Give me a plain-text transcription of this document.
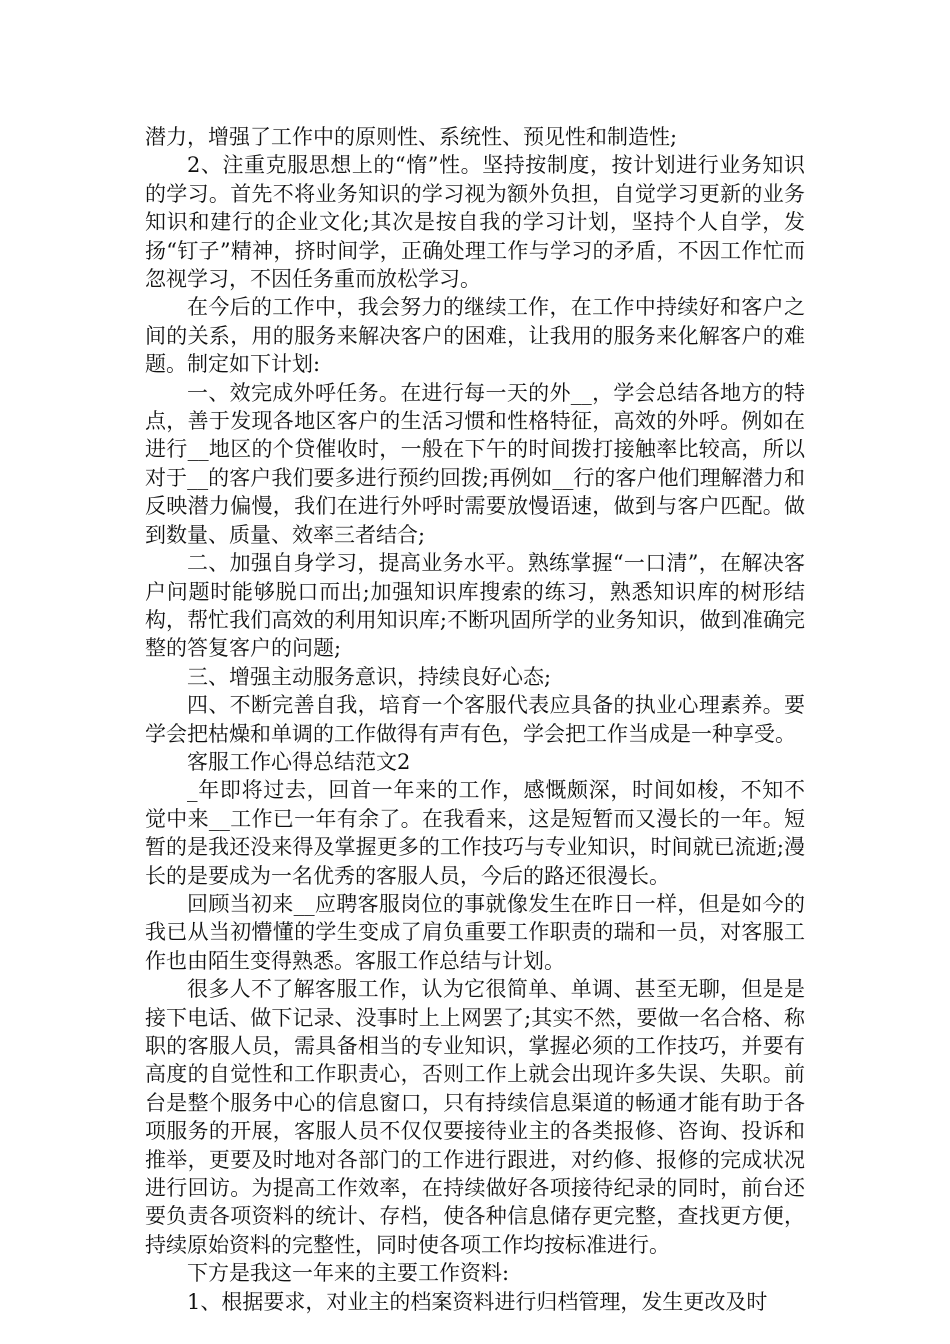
潜力，增强了工作中的原则性、系统性、预见性和制造性;

2、注重克服思想上的“惰”性。坚持按制度，按计划进行业务知识的学习。首先不将业务知识的学习视为额外负担，自觉学习更新的业务知识和建行的企业文化;其次是按自我的学习计划，坚持个人自学，发扬“钉子”精神，挤时间学，正确处理工作与学习的矛盾，不因工作忙而忽视学习，不因任务重而放松学习。

在今后的工作中，我会努力的继续工作，在工作中持续好和客户之间的关系，用的服务来解决客户的困难，让我用的服务来化解客户的难题。制定如下计划:

一、效完成外呼任务。在进行每一天的外__，学会总结各地方的特点，善于发现各地区客户的生活习惯和性格特征，高效的外呼。例如在进行__地区的个贷催收时，一般在下午的时间拨打接触率比较高，所以对于__的客户我们要多进行预约回拨;再例如__行的客户他们理解潜力和反映潜力偏慢，我们在进行外呼时需要放慢语速，做到与客户匹配。做到数量、质量、效率三者结合;

二、加强自身学习，提高业务水平。熟练掌握“一口清”，在解决客户问题时能够脱口而出;加强知识库搜索的练习，熟悉知识库的树形结构，帮忙我们高效的利用知识库;不断巩固所学的业务知识，做到准确完整的答复客户的问题;

三、增强主动服务意识，持续良好心态;

四、不断完善自我，培育一个客服代表应具备的执业心理素养。要学会把枯燥和单调的工作做得有声有色，学会把工作当成是一种享受。

客服工作心得总结范文2

_年即将过去，回首一年来的工作，感慨颇深，时间如梭，不知不觉中来__工作已一年有余了。在我看来，这是短暂而又漫长的一年。短暂的是我还没来得及掌握更多的工作技巧与专业知识，时间就已流逝;漫长的是要成为一名优秀的客服人员，今后的路还很漫长。

回顾当初来__应聘客服岗位的事就像发生在昨日一样，但是如今的我已从当初懵懂的学生变成了肩负重要工作职责的瑞和一员，对客服工作也由陌生变得熟悉。客服工作总结与计划。

很多人不了解客服工作，认为它很简单、单调、甚至无聊，但是是接下电话、做下记录、没事时上上网罢了;其实不然，要做一名合格、称职的客服人员，需具备相当的专业知识，掌握必须的工作技巧，并要有高度的自觉性和工作职责心，否则工作上就会出现许多失误、失职。前台是整个服务中心的信息窗口，只有持续信息渠道的畅通才能有助于各项服务的开展，客服人员不仅仅要接待业主的各类报修、咨询、投诉和推举，更要及时地对各部门的工作进行跟进，对约修、报修的完成状况进行回访。为提高工作效率，在持续做好各项接待纪录的同时，前台还要负责各项资料的统计、存档，使各种信息储存更完整，查找更方便，持续原始资料的完整性，同时使各项工作均按标准进行。

下方是我这一年来的主要工作资料:

1、根据要求，对业主的档案资料进行归档管理，发生更改及时
